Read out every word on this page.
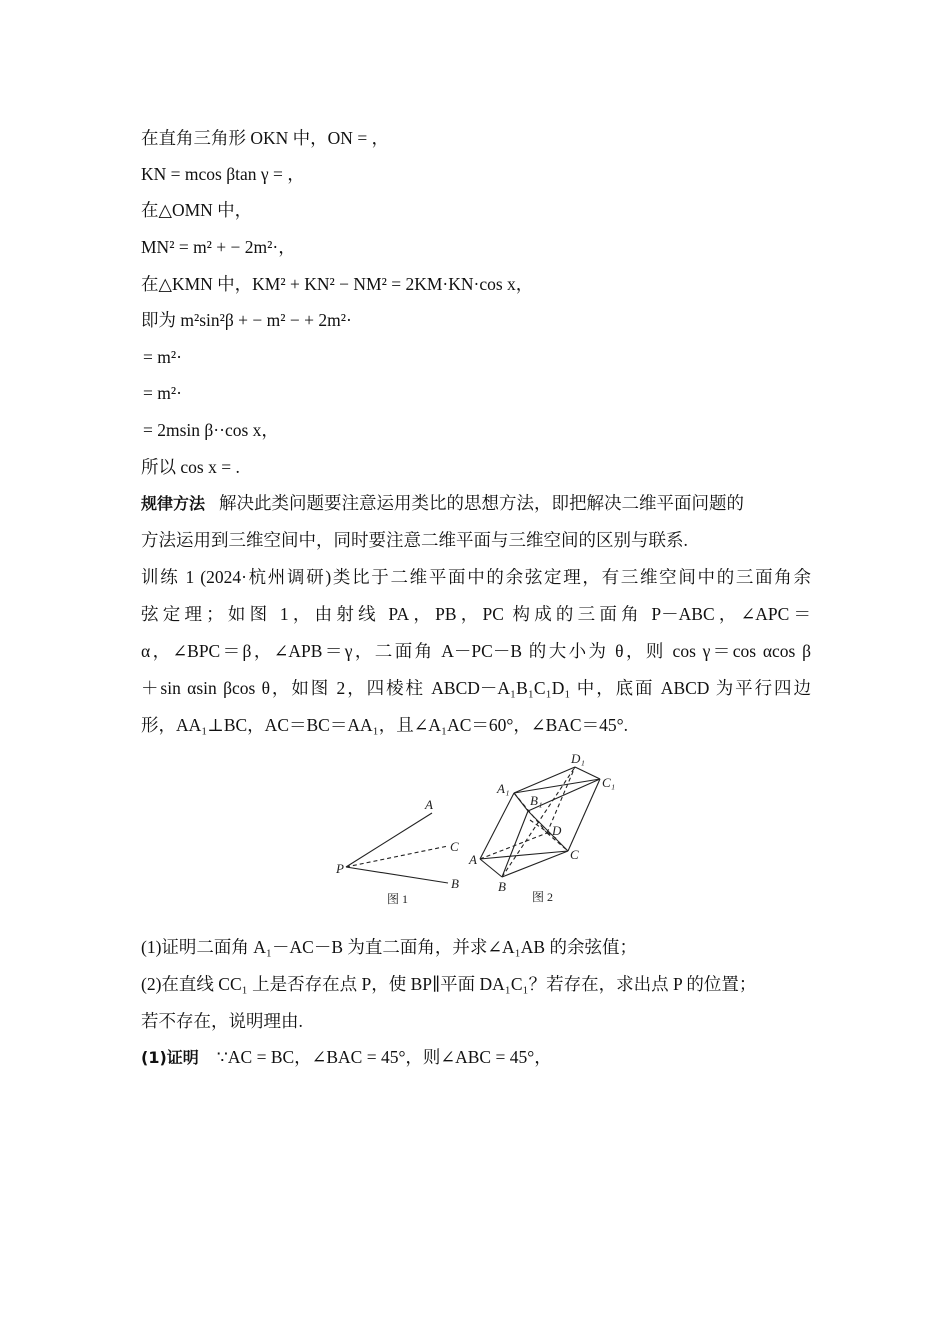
在直角三角形 OKN 中，ON = ，
KN = mcos βtan γ = ，
在△OMN 中，
MN² = m² + − 2m²·，
在△KMN 中，KM² + KN² − NM² = 2KM·KN·cos x，
即为 m²sin²β + − m² − + 2m²·
= m²·
= m²·
= 2msin β··cos x，
所以 cos x = .
规律方法 解决此类问题要注意运用类比的思想方法，即把解决二维平面问题的
方法运用到三维空间中，同时要注意二维平面与三维空间的区别与联系.
训练 1 (2024·杭州调研)类比于二维平面中的余弦定理，有三维空间中的三面角余
弦定理；如图 1，由射线 PA，PB，PC 构成的三面角 P－ABC，∠APC＝
α，∠BPC＝β，∠APB＝γ，二面角 A－PC－B 的大小为 θ，则 cos γ＝cos αcos β
＋sin αsin βcos θ，如图 2，四棱柱 ABCD－A₁B₁C₁D₁ 中，底面 ABCD 为平行四边
形，AA₁⊥BC，AC＝BC＝AA₁，且∠A₁AC＝60°，∠BAC＝45°.
P
A
C
B
图 1
A
B
C
D
A₁
B₁
C₁
D₁
图 2
(1)证明二面角 A₁－AC－B 为直二面角，并求∠A₁AB 的余弦值；
(2)在直线 CC₁ 上是否存在点 P，使 BP∥平面 DA₁C₁？若存在，求出点 P 的位置；
若不存在，说明理由.
(1)证明 ∵AC = BC，∠BAC = 45°，则∠ABC = 45°，
